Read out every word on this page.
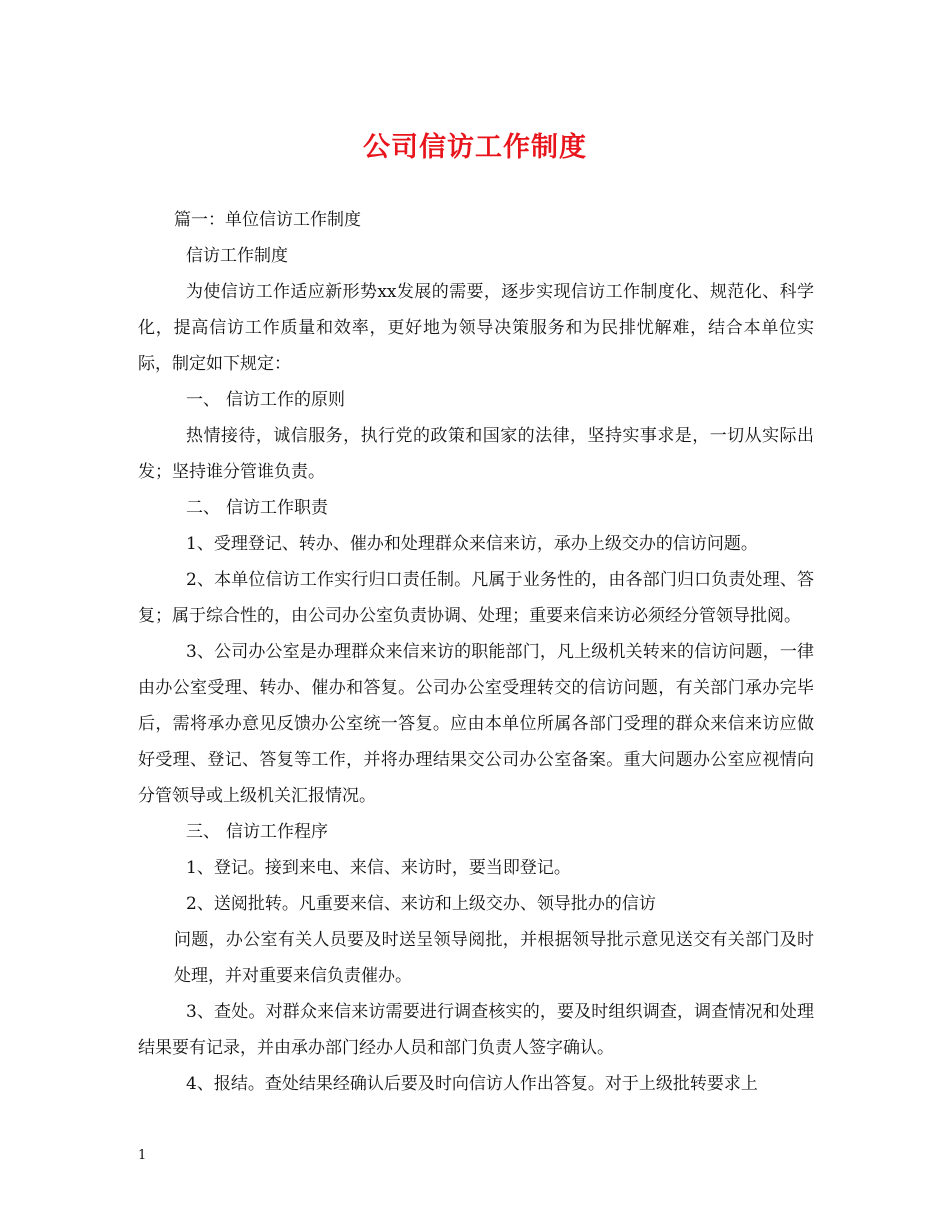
公司信访工作制度

篇一：单位信访工作制度

信访工作制度

为使信访工作适应新形势xx发展的需要，逐步实现信访工作制度化、规范化、科学化，提高信访工作质量和效率，更好地为领导决策服务和为民排忧解难，结合本单位实际，制定如下规定：

一、 信访工作的原则

热情接待，诚信服务，执行党的政策和国家的法律，坚持实事求是，一切从实际出发；坚持谁分管谁负责。

二、 信访工作职责

1、受理登记、转办、催办和处理群众来信来访，承办上级交办的信访问题。

2、本单位信访工作实行归口责任制。凡属于业务性的，由各部门归口负责处理、答复；属于综合性的，由公司办公室负责协调、处理；重要来信来访必须经分管领导批阅。

3、公司办公室是办理群众来信来访的职能部门，凡上级机关转来的信访问题，一律由办公室受理、转办、催办和答复。公司办公室受理转交的信访问题，有关部门承办完毕后，需将承办意见反馈办公室统一答复。应由本单位所属各部门受理的群众来信来访应做好受理、登记、答复等工作，并将办理结果交公司办公室备案。重大问题办公室应视情向分管领导或上级机关汇报情况。

三、 信访工作程序

1、登记。接到来电、来信、来访时，要当即登记。

2、送阅批转。凡重要来信、来访和上级交办、领导批办的信访

问题，办公室有关人员要及时送呈领导阅批，并根据领导批示意见送交有关部门及时处理，并对重要来信负责催办。

3、查处。对群众来信来访需要进行调查核实的，要及时组织调查，调查情况和处理结果要有记录，并由承办部门经办人员和部门负责人签字确认。

4、报结。查处结果经确认后要及时向信访人作出答复。对于上级批转要求上

1
